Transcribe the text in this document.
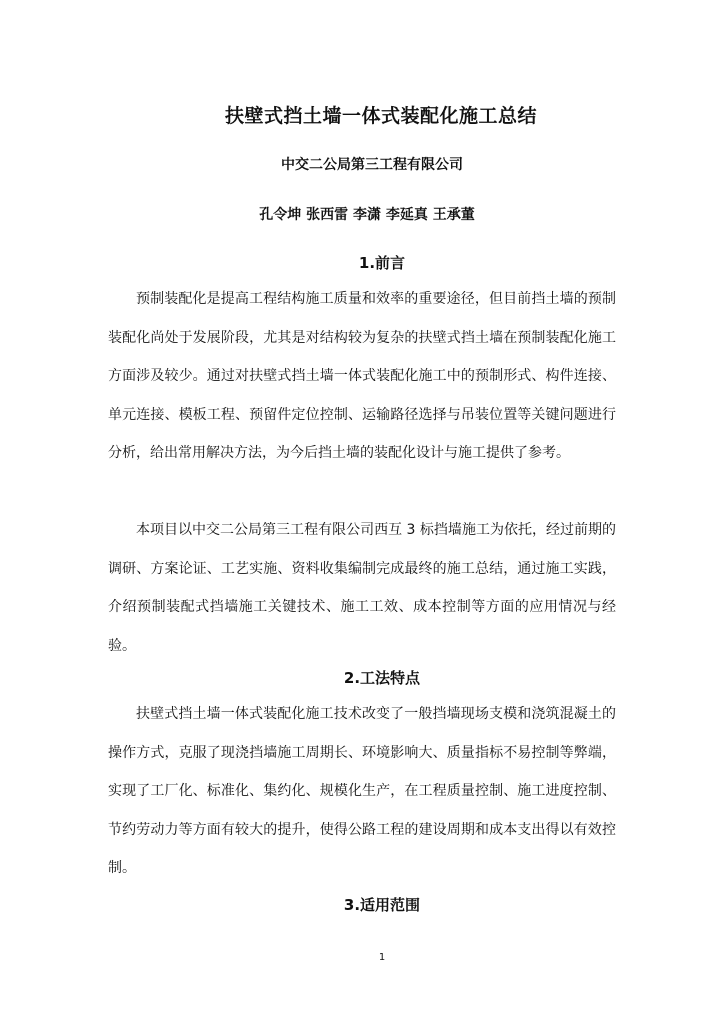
扶壁式挡土墙一体式装配化施工总结
中交二公局第三工程有限公司
孔令坤 张西雷 李潇 李延真 王承董
1.前言
预制装配化是提高工程结构施工质量和效率的重要途径，但目前挡土墙的预制装配化尚处于发展阶段，尤其是对结构较为复杂的扶壁式挡土墙在预制装配化施工方面涉及较少。通过对扶壁式挡土墙一体式装配化施工中的预制形式、构件连接、单元连接、模板工程、预留件定位控制、运输路径选择与吊装位置等关键问题进行分析，给出常用解决方法，为今后挡土墙的装配化设计与施工提供了参考。
本项目以中交二公局第三工程有限公司西互 3 标挡墙施工为依托，经过前期的调研、方案论证、工艺实施、资料收集编制完成最终的施工总结，通过施工实践，介绍预制装配式挡墙施工关键技术、施工工效、成本控制等方面的应用情况与经验。
2.工法特点
扶壁式挡土墙一体式装配化施工技术改变了一般挡墙现场支模和浇筑混凝土的操作方式，克服了现浇挡墙施工周期长、环境影响大、质量指标不易控制等弊端，实现了工厂化、标准化、集约化、规模化生产，在工程质量控制、施工进度控制、节约劳动力等方面有较大的提升，使得公路工程的建设周期和成本支出得以有效控制。
3.适用范围
1
